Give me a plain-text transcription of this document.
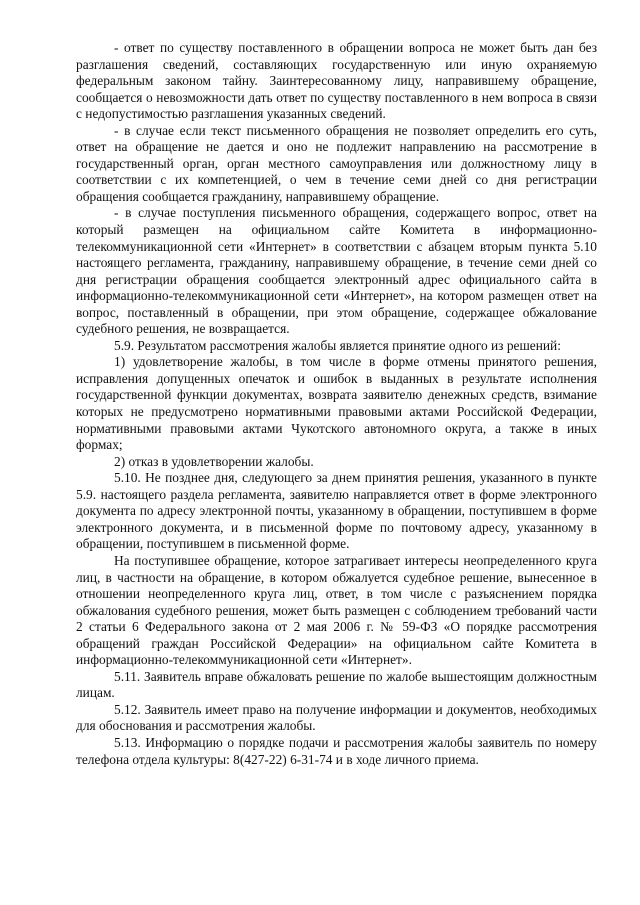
- ответ по существу поставленного в обращении вопроса не может быть дан без разглашения сведений, составляющих государственную или иную охраняемую федеральным законом тайну. Заинтересованному лицу, направившему обращение, сообщается о невозможности дать ответ по существу поставленного в нем вопроса в связи с недопустимостью разглашения указанных сведений.

- в случае если текст письменного обращения не позволяет определить его суть, ответ на обращение не дается и оно не подлежит направлению на рассмотрение в государственный орган, орган местного самоуправления или должностному лицу в соответствии с их компетенцией, о чем в течение семи дней со дня регистрации обращения сообщается гражданину, направившему обращение.

- в случае поступления письменного обращения, содержащего вопрос, ответ на который размещен на официальном сайте Комитета в информационно-телекоммуникационной сети «Интернет» в соответствии с абзацем вторым пункта 5.10 настоящего регламента, гражданину, направившему обращение, в течение семи дней со дня регистрации обращения сообщается электронный адрес официального сайта в информационно-телекоммуникационной сети «Интернет», на котором размещен ответ на вопрос, поставленный в обращении, при этом обращение, содержащее обжалование судебного решения, не возвращается.

5.9. Результатом рассмотрения жалобы является принятие одного из решений:

1) удовлетворение жалобы, в том числе в форме отмены принятого решения, исправления допущенных опечаток и ошибок в выданных в результате исполнения государственной функции документах, возврата заявителю денежных средств, взимание которых не предусмотрено нормативными правовыми актами Российской Федерации, нормативными правовыми актами Чукотского автономного округа, а также в иных формах;

2) отказ в удовлетворении жалобы.

5.10. Не позднее дня, следующего за днем принятия решения, указанного в пункте 5.9. настоящего раздела регламента, заявителю направляется ответ в форме электронного документа по адресу электронной почты, указанному в обращении, поступившем в форме электронного документа, и в письменной форме по почтовому адресу, указанному в обращении, поступившем в письменной форме.

На поступившее обращение, которое затрагивает интересы неопределенного круга лиц, в частности на обращение, в котором обжалуется судебное решение, вынесенное в отношении неопределенного круга лиц, ответ, в том числе с разъяснением порядка обжалования судебного решения, может быть размещен с соблюдением требований части 2 статьи 6 Федерального закона от 2 мая 2006 г. № 59-ФЗ «О порядке рассмотрения обращений граждан Российской Федерации» на официальном сайте Комитета в информационно-телекоммуникационной сети «Интернет».

5.11. Заявитель вправе обжаловать решение по жалобе вышестоящим должностным лицам.

5.12. Заявитель имеет право на получение информации и документов, необходимых для обоснования и рассмотрения жалобы.

5.13. Информацию о порядке подачи и рассмотрения жалобы заявитель по номеру телефона отдела культуры: 8(427-22) 6-31-74 и в ходе личного приема.
